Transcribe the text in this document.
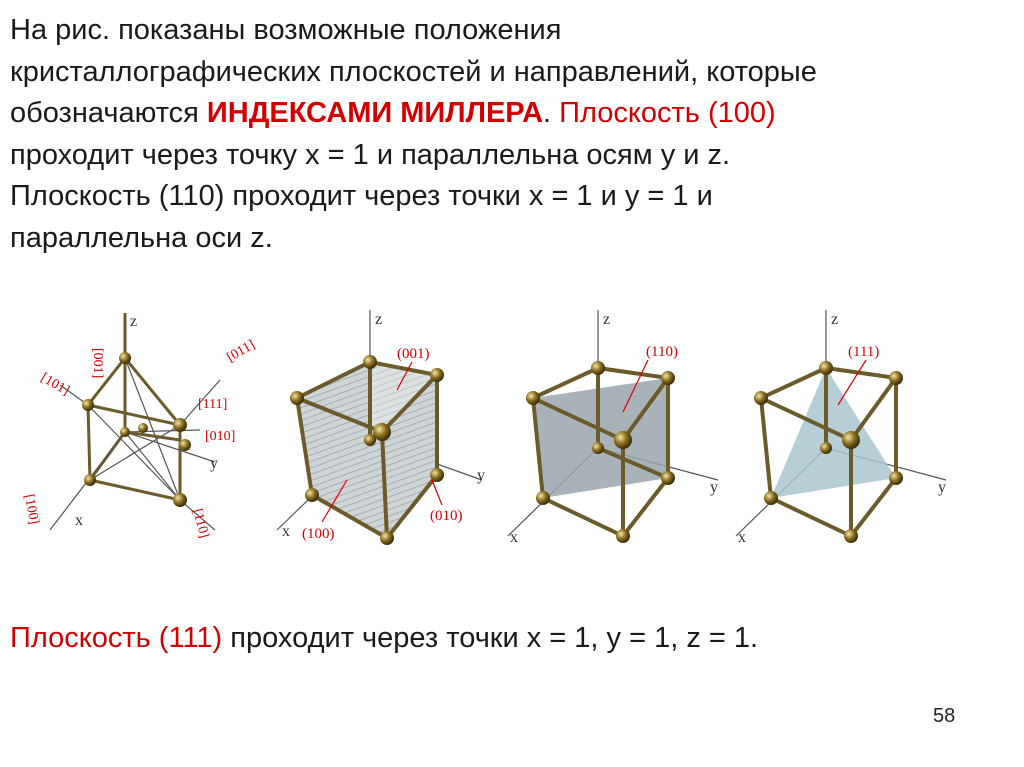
На рис. показаны возможные положения

кристаллографических плоскостей и направлений, которые

обозначаются ИНДЕКСАМИ МИЛЛЕРА. Плоскость (100)

проходит через точку x = 1 и параллельна осям y и z.

Плоскость (110) проходит через точки x = 1 и y = 1 и

параллельна оси z.

z
y
x
[001]	[011]
[101]
[111]
[010]
[100]	[110]
z
y
x
(001)
(100)
(010)
z
y
x
(110)
z
y
x
(111)
Плоскость (111) проходит через точки x = 1, y = 1, z = 1.
58
